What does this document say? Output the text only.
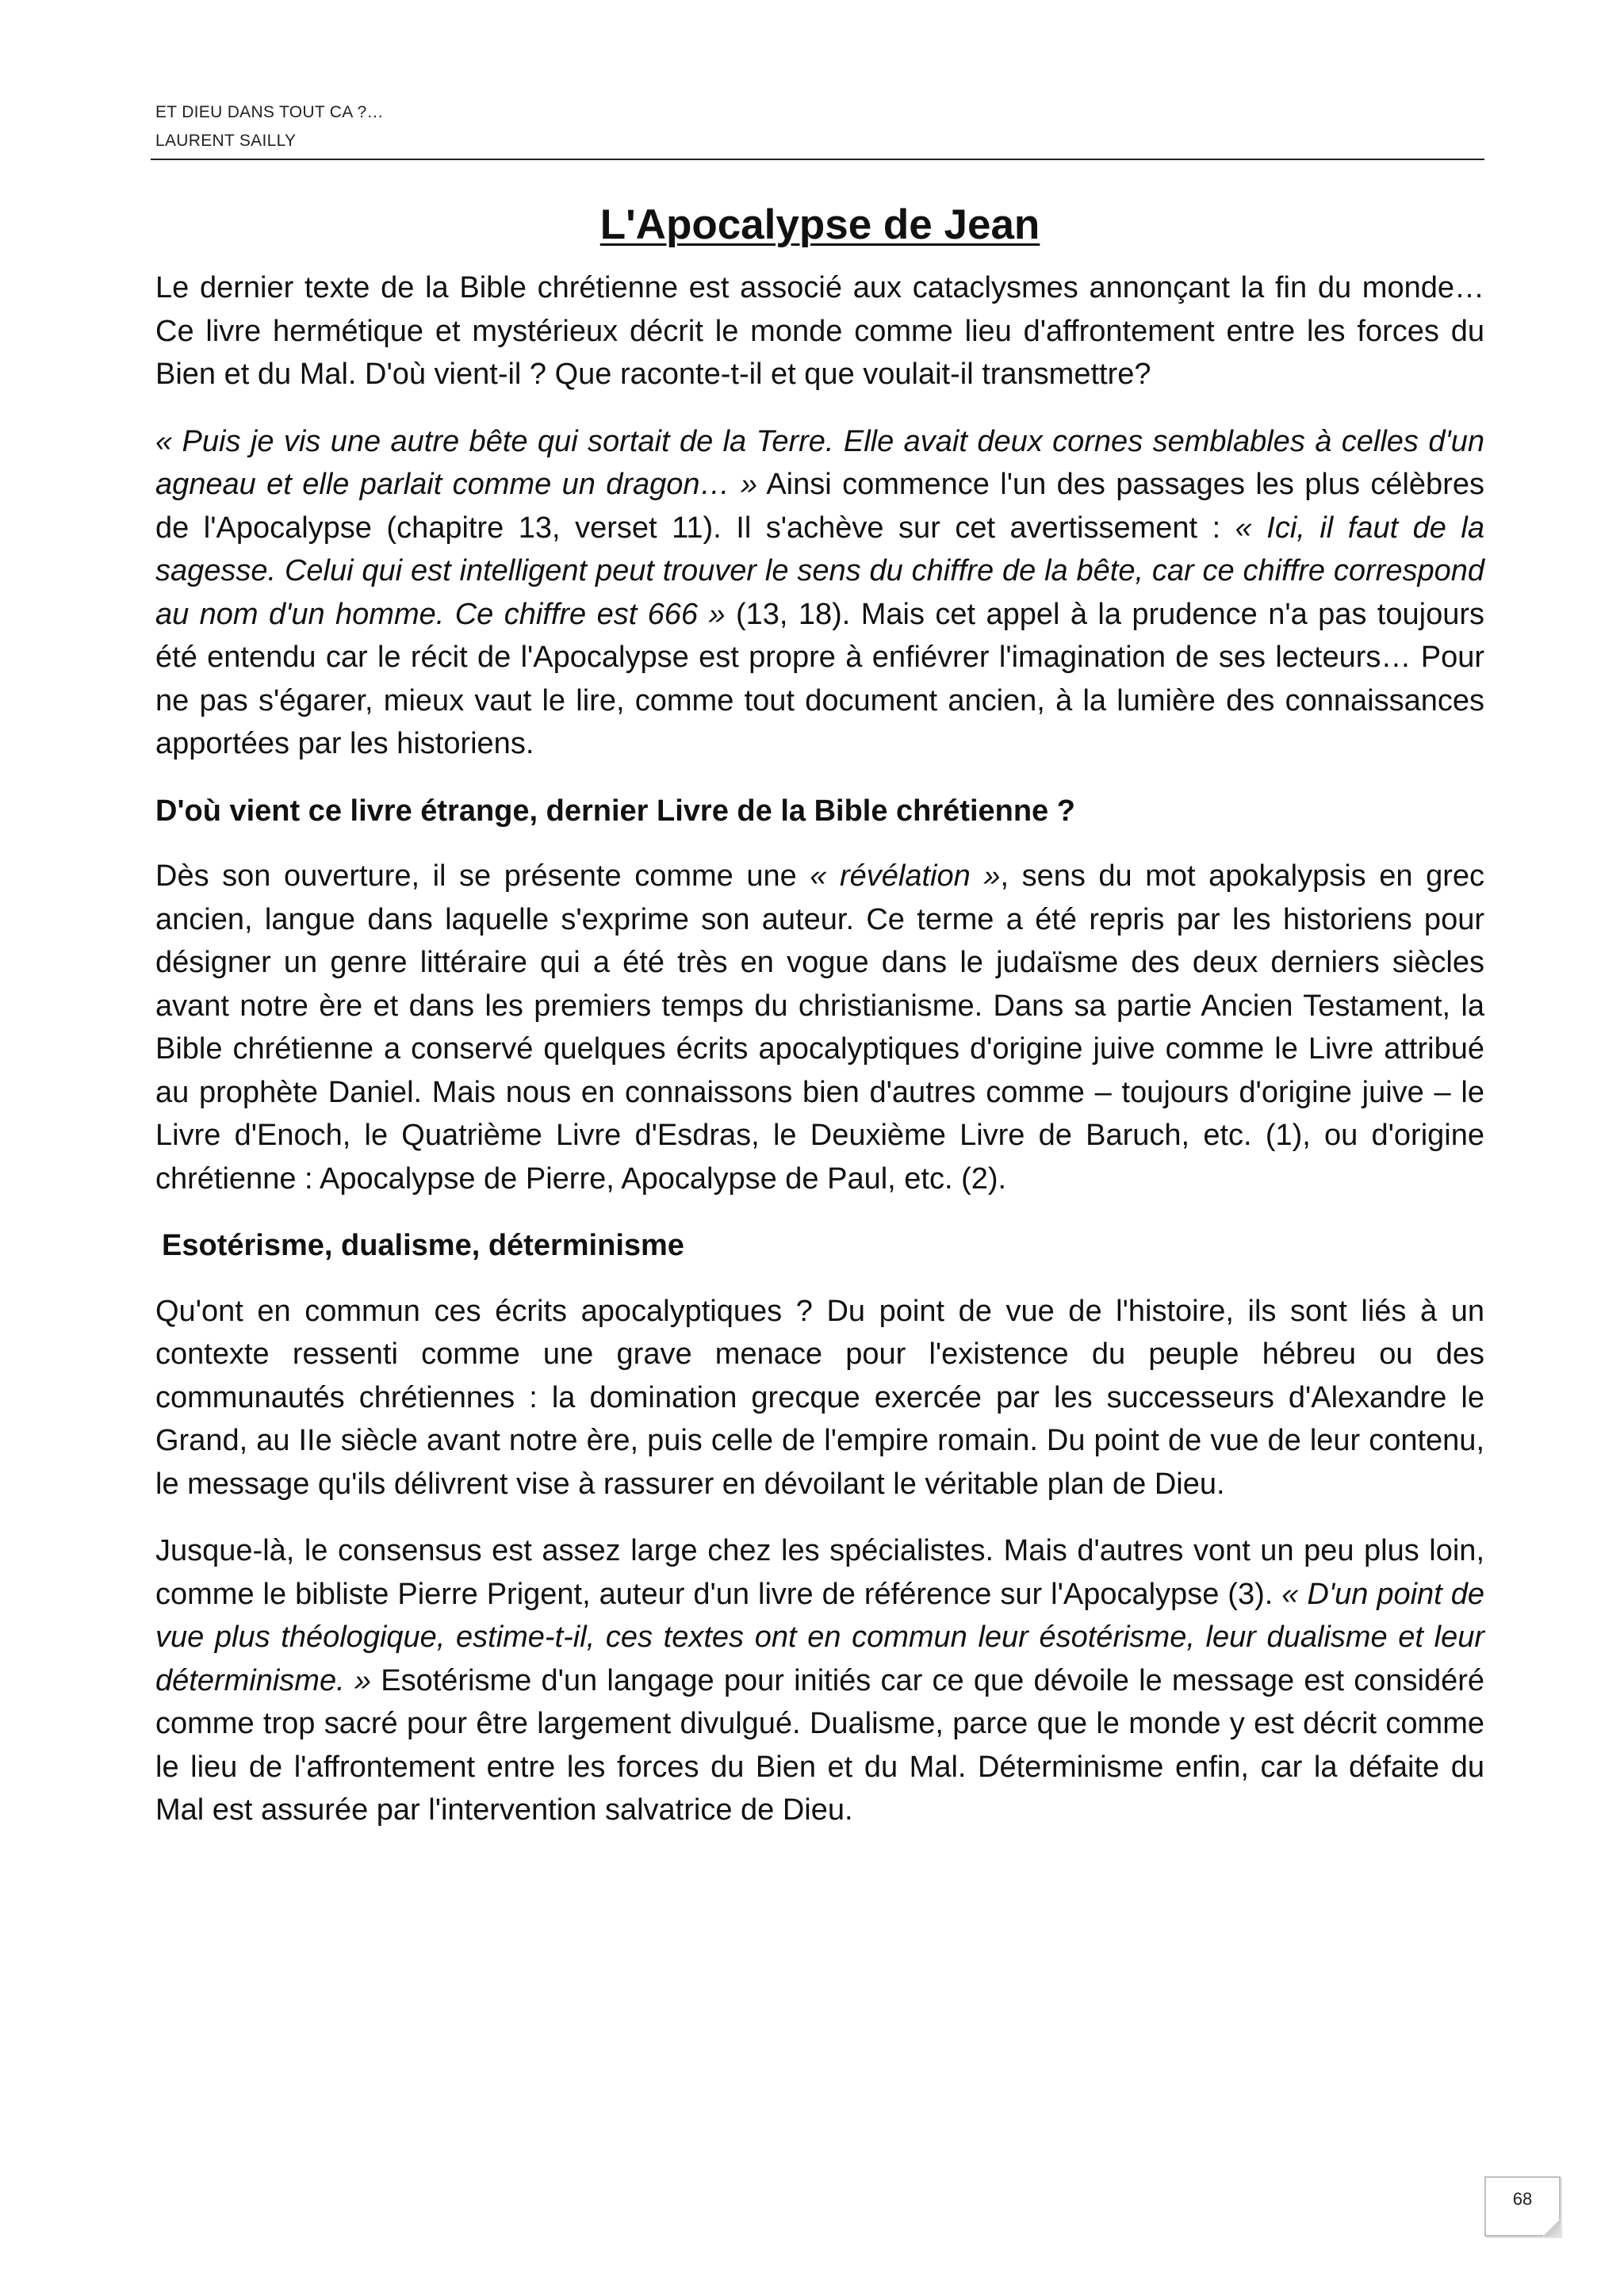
ET DIEU DANS TOUT CA ?…
LAURENT SAILLY
L'Apocalypse de Jean

Le dernier texte de la Bible chrétienne est associé aux cataclysmes annonçant la fin du monde… Ce livre hermétique et mystérieux décrit le monde comme lieu d'affrontement entre les forces du Bien et du Mal. D'où vient-il ? Que raconte-t-il et que voulait-il transmettre?

« Puis je vis une autre bête qui sortait de la Terre. Elle avait deux cornes semblables à celles d'un agneau et elle parlait comme un dragon… » Ainsi commence l'un des passages les plus célèbres de l'Apocalypse (chapitre 13, verset 11). Il s'achève sur cet avertissement : « Ici, il faut de la sagesse. Celui qui est intelligent peut trouver le sens du chiffre de la bête, car ce chiffre correspond au nom d'un homme. Ce chiffre est 666 » (13, 18). Mais cet appel à la prudence n'a pas toujours été entendu car le récit de l'Apocalypse est propre à enfiévrer l'imagination de ses lecteurs… Pour ne pas s'égarer, mieux vaut le lire, comme tout document ancien, à la lumière des connaissances apportées par les historiens.

D'où vient ce livre étrange, dernier Livre de la Bible chrétienne ?

Dès son ouverture, il se présente comme une « révélation », sens du mot apokalypsis en grec ancien, langue dans laquelle s'exprime son auteur. Ce terme a été repris par les historiens pour désigner un genre littéraire qui a été très en vogue dans le judaïsme des deux derniers siècles avant notre ère et dans les premiers temps du christianisme. Dans sa partie Ancien Testament, la Bible chrétienne a conservé quelques écrits apocalyptiques d'origine juive comme le Livre attribué au prophète Daniel. Mais nous en connaissons bien d'autres comme – toujours d'origine juive – le Livre d'Enoch, le Quatrième Livre d'Esdras, le Deuxième Livre de Baruch, etc. (1), ou d'origine chrétienne : Apocalypse de Pierre, Apocalypse de Paul, etc. (2).

Esotérisme, dualisme, déterminisme

Qu'ont en commun ces écrits apocalyptiques ? Du point de vue de l'histoire, ils sont liés à un contexte ressenti comme une grave menace pour l'existence du peuple hébreu ou des communautés chrétiennes : la domination grecque exercée par les successeurs d'Alexandre le Grand, au IIe siècle avant notre ère, puis celle de l'empire romain. Du point de vue de leur contenu, le message qu'ils délivrent vise à rassurer en dévoilant le véritable plan de Dieu.

Jusque-là, le consensus est assez large chez les spécialistes. Mais d'autres vont un peu plus loin, comme le bibliste Pierre Prigent, auteur d'un livre de référence sur l'Apocalypse (3). « D'un point de vue plus théologique, estime-t-il, ces textes ont en commun leur ésotérisme, leur dualisme et leur déterminisme. » Esotérisme d'un langage pour initiés car ce que dévoile le message est considéré comme trop sacré pour être largement divulgué. Dualisme, parce que le monde y est décrit comme le lieu de l'affrontement entre les forces du Bien et du Mal. Déterminisme enfin, car la défaite du Mal est assurée par l'intervention salvatrice de Dieu.

68
